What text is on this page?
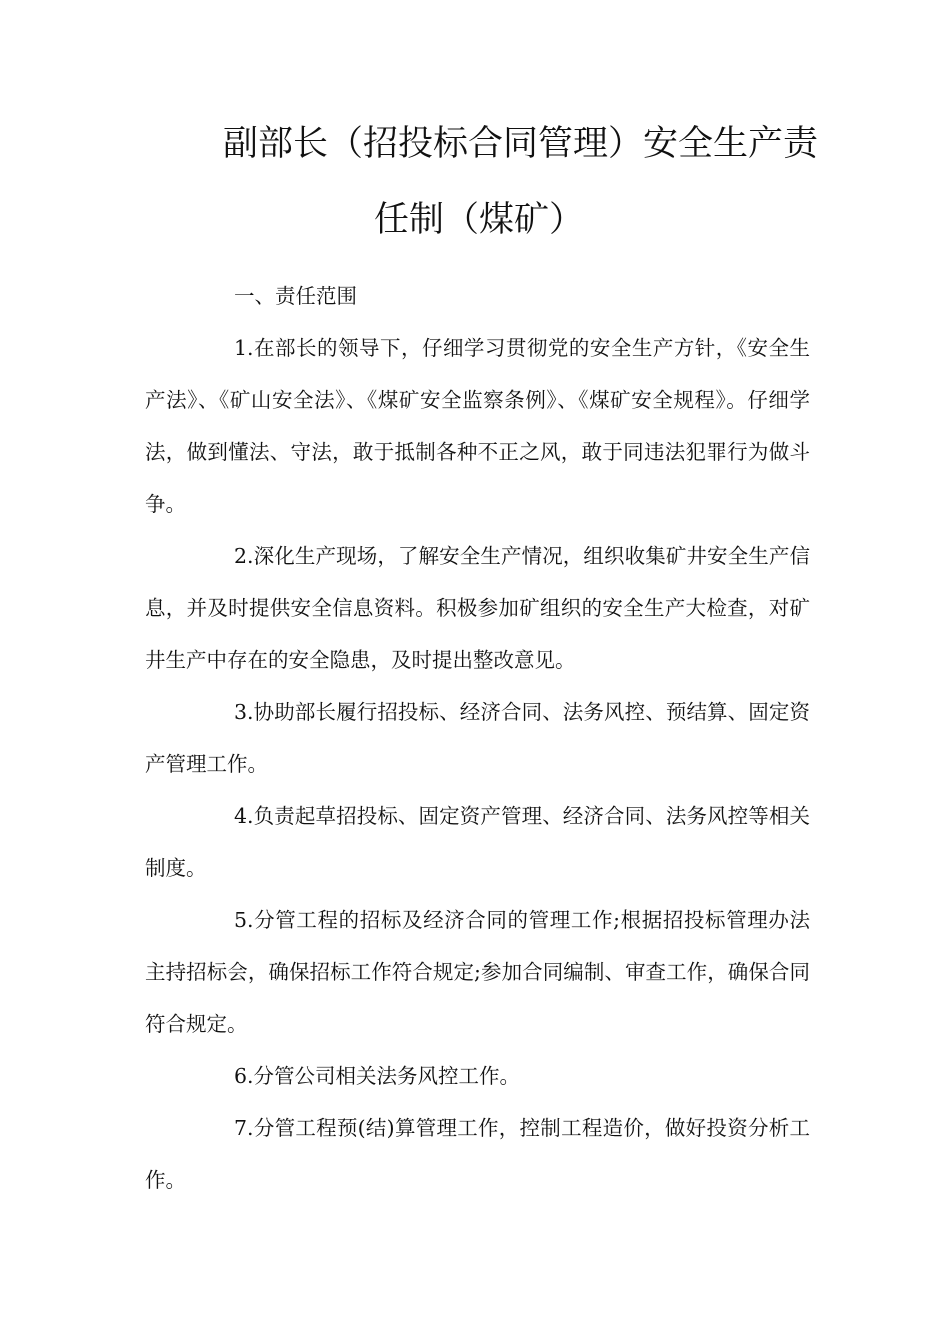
副部长（招投标合同管理）安全生产责
任制（煤矿）

一、责任范围

1.在部长的领导下，仔细学习贯彻党的安全生产方针，《安全生产法》、《矿山安全法》、《煤矿安全监察条例》、《煤矿安全规程》。仔细学法，做到懂法、守法，敢于抵制各种不正之风，敢于同违法犯罪行为做斗争。

2.深化生产现场，了解安全生产情况，组织收集矿井安全生产信息，并及时提供安全信息资料。积极参加矿组织的安全生产大检查，对矿井生产中存在的安全隐患，及时提出整改意见。

3.协助部长履行招投标、经济合同、法务风控、预结算、固定资产管理工作。

4.负责起草招投标、固定资产管理、经济合同、法务风控等相关制度。

5.分管工程的招标及经济合同的管理工作;根据招投标管理办法主持招标会，确保招标工作符合规定;参加合同编制、审查工作，确保合同符合规定。

6.分管公司相关法务风控工作。

7.分管工程预(结)算管理工作，控制工程造价，做好投资分析工作。
